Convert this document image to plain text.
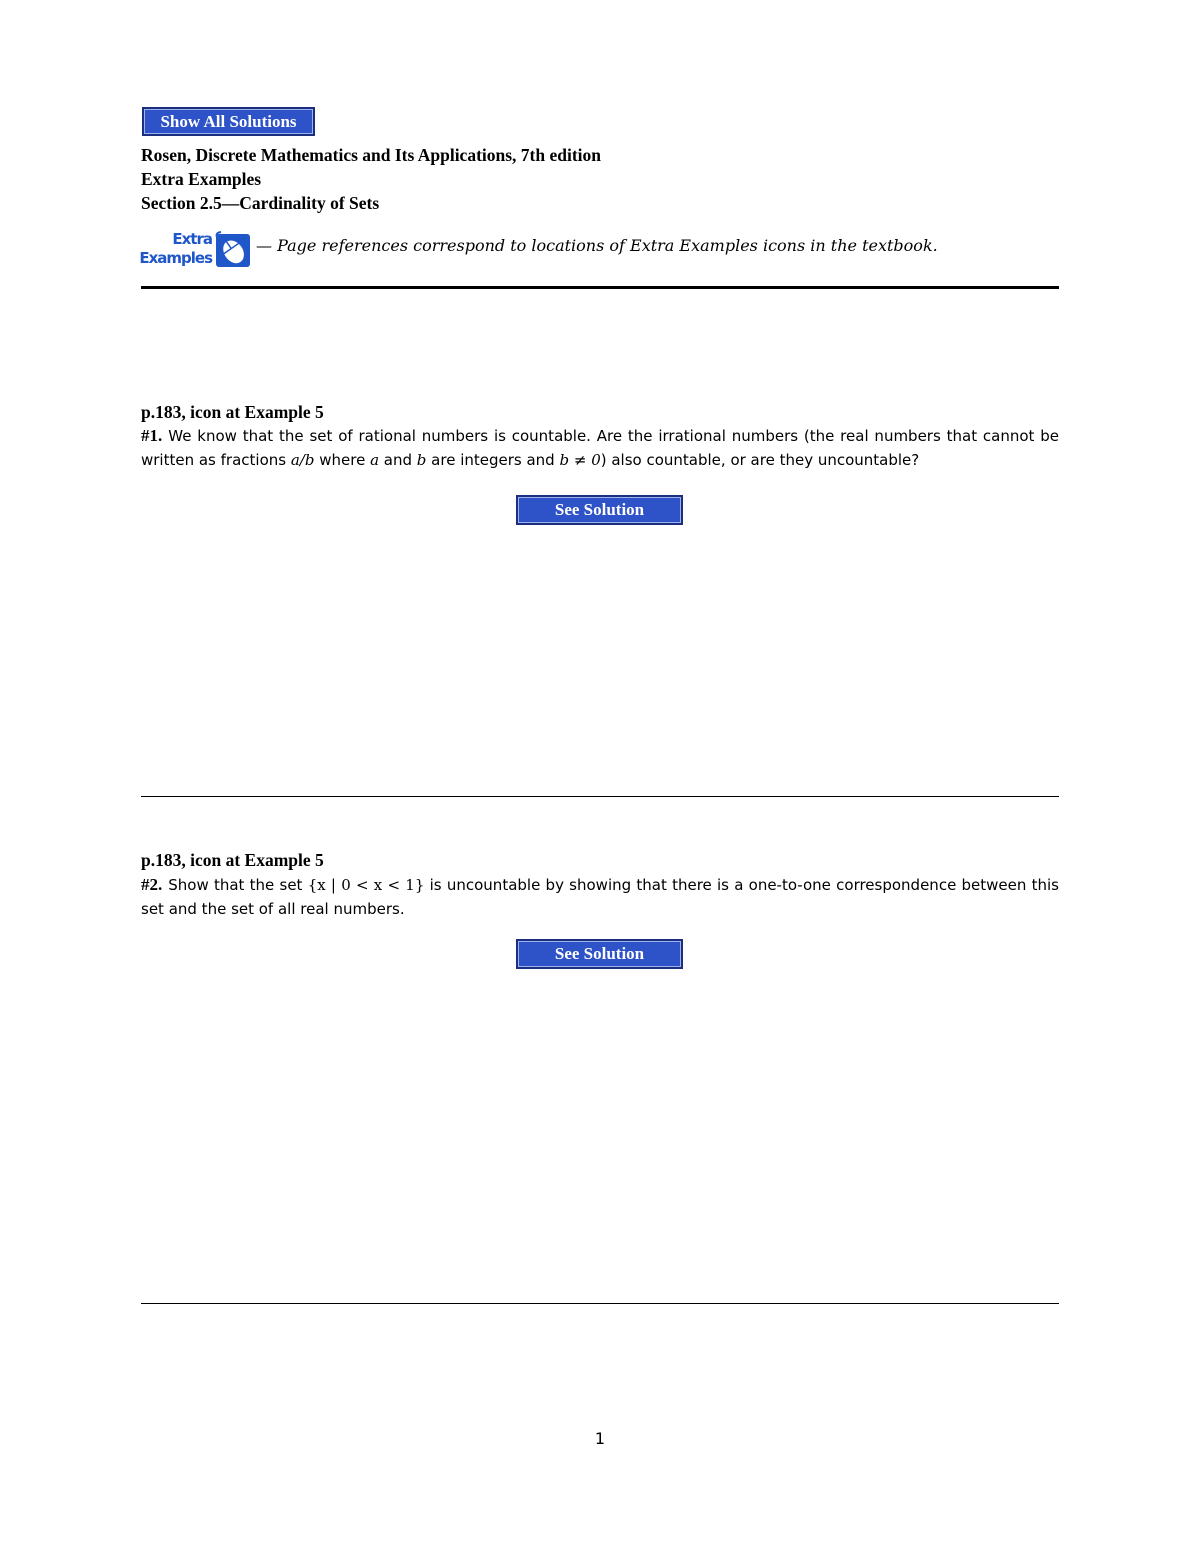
Show All Solutions
Rosen, Discrete Mathematics and Its Applications, 7th edition
Extra Examples
Section 2.5—Cardinality of Sets
Extra
Examples
— Page references correspond to locations of Extra Examples icons in the textbook.
p.183, icon at Example 5
#1. We know that the set of rational numbers is countable. Are the irrational numbers (the real numbers that cannot be written as fractions a/b where a and b are integers and b ≠ 0) also countable, or are they uncountable?
See Solution
p.183, icon at Example 5
#2. Show that the set {x | 0 < x < 1} is uncountable by showing that there is a one-to-one correspondence between this set and the set of all real numbers.
See Solution
1
